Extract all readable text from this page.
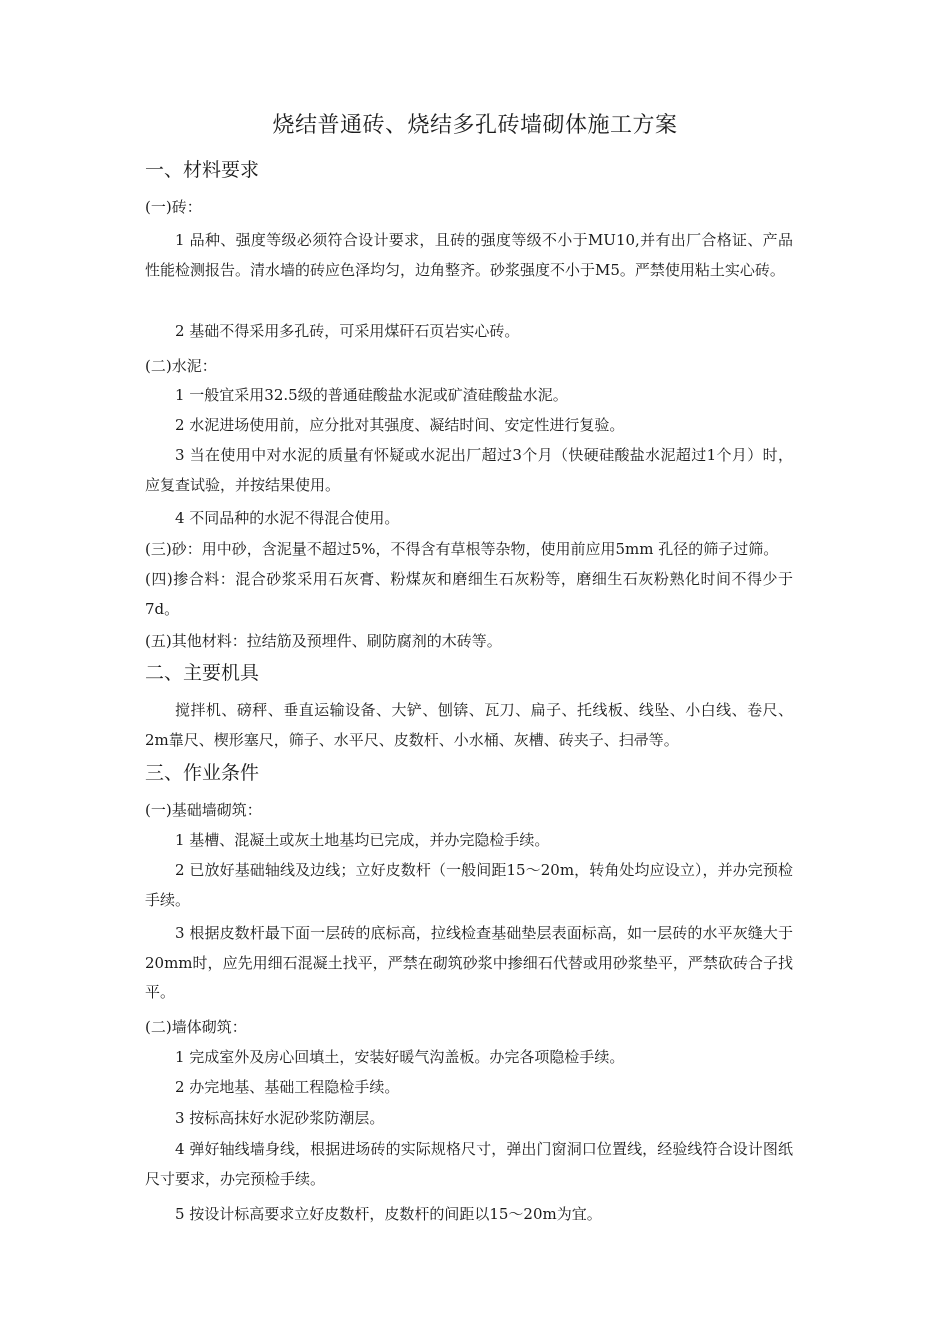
烧结普通砖、烧结多孔砖墙砌体施工方案
一、材料要求
(一)砖：
1 品种、强度等级必须符合设计要求，且砖的强度等级不小于MU10,并有出厂合格证、产品性能检测报告。清水墙的砖应色泽均匀，边角整齐。砂浆强度不小于M5。严禁使用粘土实心砖。
2 基础不得采用多孔砖，可采用煤矸石页岩实心砖。
(二)水泥：
1 一般宜采用32.5级的普通硅酸盐水泥或矿渣硅酸盐水泥。
2 水泥进场使用前，应分批对其强度、凝结时间、安定性进行复验。
3 当在使用中对水泥的质量有怀疑或水泥出厂超过3个月（快硬硅酸盐水泥超过1个月）时，应复查试验，并按结果使用。
4 不同品种的水泥不得混合使用。
(三)砂：用中砂，含泥量不超过5%，不得含有草根等杂物，使用前应用5mm 孔径的筛子过筛。
(四)掺合料：混合砂浆采用石灰膏、粉煤灰和磨细生石灰粉等，磨细生石灰粉熟化时间不得少于7d。
(五)其他材料：拉结筋及预埋件、刷防腐剂的木砖等。
二、主要机具
搅拌机、磅秤、垂直运输设备、大铲、刨锛、瓦刀、扁子、托线板、线坠、小白线、卷尺、2m靠尺、楔形塞尺，筛子、水平尺、皮数杆、小水桶、灰槽、砖夹子、扫帚等。
三、作业条件
(一)基础墙砌筑：
1 基槽、混凝土或灰土地基均已完成，并办完隐检手续。
2 已放好基础轴线及边线；立好皮数杆（一般间距15～20m，转角处均应设立），并办完预检手续。
3 根据皮数杆最下面一层砖的底标高，拉线检查基础垫层表面标高，如一层砖的水平灰缝大于20mm时，应先用细石混凝土找平，严禁在砌筑砂浆中掺细石代替或用砂浆垫平，严禁砍砖合子找平。
(二)墙体砌筑：
1 完成室外及房心回填土，安装好暖气沟盖板。办完各项隐检手续。
2 办完地基、基础工程隐检手续。
3 按标高抹好水泥砂浆防潮层。
4 弹好轴线墙身线，根据进场砖的实际规格尺寸，弹出门窗洞口位置线，经验线符合设计图纸尺寸要求，办完预检手续。
5 按设计标高要求立好皮数杆，皮数杆的间距以15～20m为宜。
